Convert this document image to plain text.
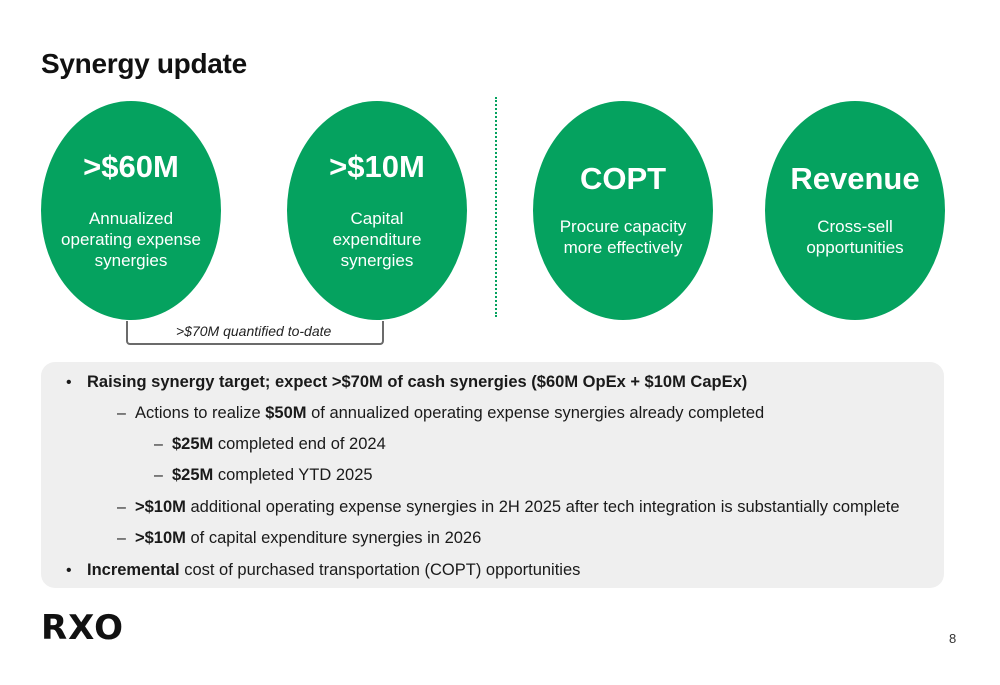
Synergy update
>$60M
Annualized operating expense synergies
>$10M
Capital expenditure synergies
COPT
Procure capacity more effectively
Revenue
Cross-sell opportunities
>$70M quantified to-date
• Raising synergy target; expect >$70M of cash synergies ($60M OpEx + $10M CapEx)
– Actions to realize $50M of annualized operating expense synergies already completed
– $25M completed end of 2024
– $25M completed YTD 2025
– >$10M additional operating expense synergies in 2H 2025 after tech integration is substantially complete
– >$10M of capital expenditure synergies in 2026
• Incremental cost of purchased transportation (COPT) opportunities
RXO	8
